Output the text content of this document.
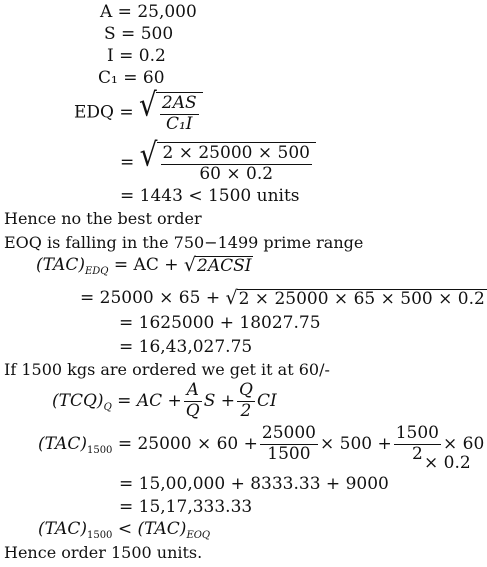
A = 25,000
S = 500
I = 0.2
C₁ = 60
EDQ = √ $\frac{2AS}{\text{C₁I}}$
= √ $\frac{2 \times 25000 \times 500}{60 \times 0.2}$
= 1443 < 1500 units
Hence no the best order
EOQ is falling in the 750−1499 prime range
$(TAC)_{EDQ}$ = AC + √ 2ACSI
= 25000 × 65 + √ 2 × 25000 × 65 × 500 × 0.2
= 1625000 + 18027.75
= 16,43,027.75
If 1500 kgs are ordered we get it at 60/-
$(TCQ)_Q$ = AC + $\frac{A}{Q}$ $S + \frac{Q}{2}$ CI
$(TAC)_{1500} = 25000 \times 60 + \frac{25000}{1500} \times 500 + \frac{1500}{2} \times 60$
× 0.2
= 15,00,000 + 8333.33 + 9000
= 15,17,333.33
$(TAC)_{1500} < (TAC)_{EOQ}$
Hence order 1500 units.
